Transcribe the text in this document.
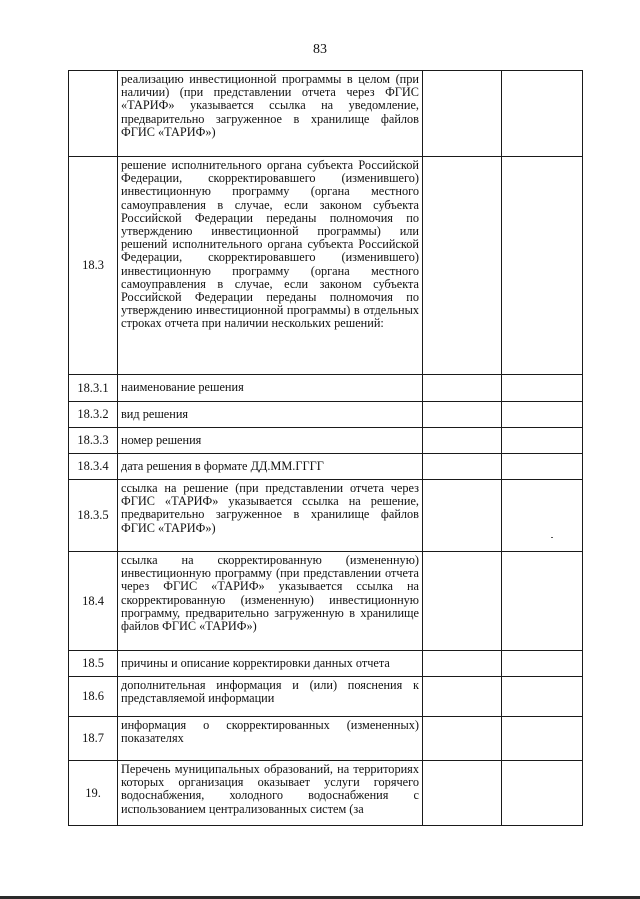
83
	реализацию инвестиционной программы в целом (при наличии) (при представлении отчета через ФГИС «ТАРИФ» указывается ссылка на уведомление, предварительно загруженное в хранилище файлов ФГИС «ТАРИФ»)		
18.3	решение исполнительного органа субъекта Российской Федерации, скорректировавшего (изменившего) инвестиционную программу (органа местного самоуправления в случае, если законом субъекта Российской Федерации переданы полномочия по утверждению инвестиционной программы) или решений исполнительного органа субъекта Российской Федерации, скорректировавшего (изменившего) инвестиционную программу (органа местного самоуправления в случае, если законом субъекта Российской Федерации переданы полномочия по утверждению инвестиционной программы) в отдельных строках отчета при наличии нескольких решений:		
18.3.1	наименование решения		
18.3.2	вид решения		
18.3.3	номер решения		
18.3.4	дата решения в формате ДД.ММ.ГГГГ		
18.3.5	ссылка на решение (при представлении отчета через ФГИС «ТАРИФ» указывается ссылка на решение, предварительно загруженное в хранилище файлов ФГИС «ТАРИФ»)		
18.4	ссылка на скорректированную (измененную) инвестиционную программу (при представлении отчета через ФГИС «ТАРИФ» указывается ссылка на скорректированную (измененную) инвестиционную программу, предварительно загруженную в хранилище файлов ФГИС «ТАРИФ»)		
18.5	причины и описание корректировки данных отчета		
18.6	дополнительная информация и (или) пояснения к представляемой информации		
18.7	информация о скорректированных (измененных) показателях		
19.	Перечень муниципальных образований, на территориях которых организация оказывает услуги горячего водоснабжения, холодного водоснабжения с использованием централизованных систем (за		
